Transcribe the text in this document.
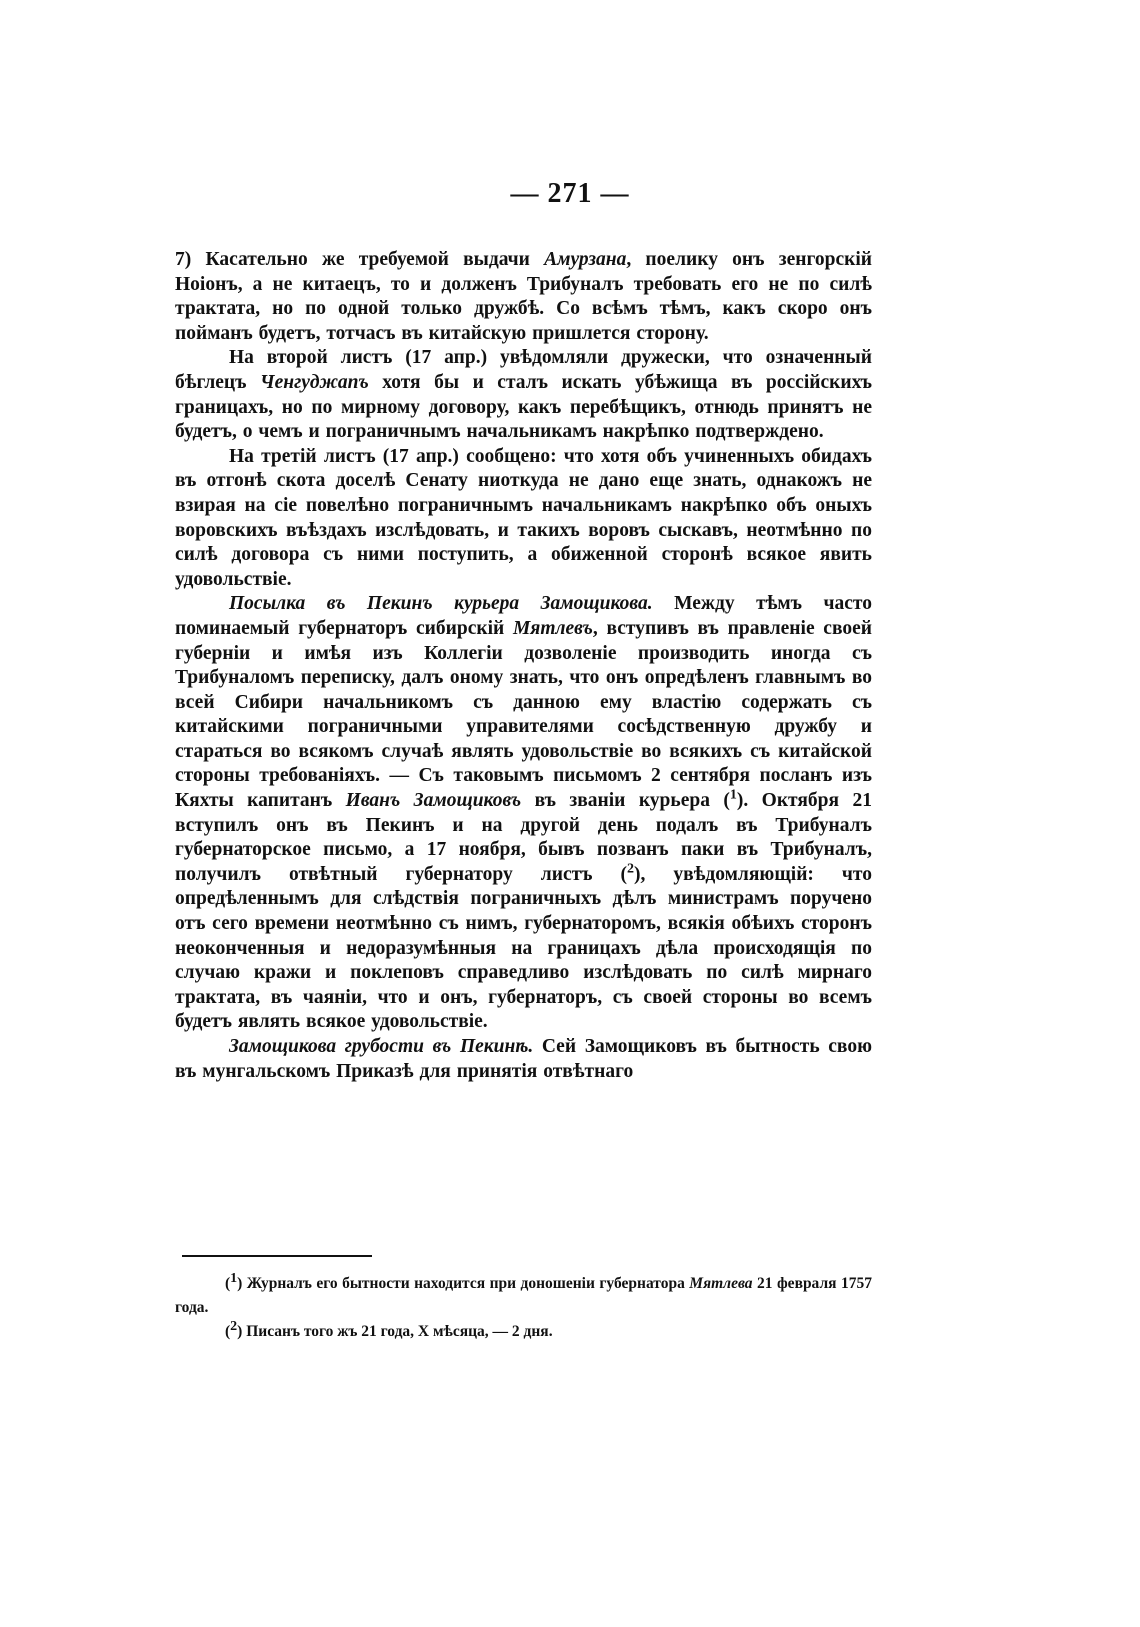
— 271 —

7) Касательно же требуемой выдачи Амурзана, поелику онъ зенгорскій Ноіонъ, а не китаецъ, то и долженъ Трибуналъ требовать его не по силѣ трактата, но по одной только дружбѣ. Со всѣмъ тѣмъ, какъ скоро онъ пойманъ будетъ, тотчасъ въ китайскую пришлется сторону.

На второй листъ (17 апр.) увѣдомляли дружески, что означенный бѣглецъ Ченгуджапъ хотя бы и сталъ искать убѣжища въ россійскихъ границахъ, но по мирному договору, какъ перебѣщикъ, отнюдь принятъ не будетъ, о чемъ и пограничнымъ начальникамъ накрѣпко подтверждено.

На третій листъ (17 апр.) сообщено: что хотя объ учиненныхъ обидахъ въ отгонѣ скота доселѣ Сенату ниоткуда не дано еще знать, однакожъ не взирая на сіе повелѣно пограничнымъ начальникамъ накрѣпко объ оныхъ воровскихъ въѣздахъ изслѣдовать, и такихъ воровъ сыскавъ, неотмѣнно по силѣ договора съ ними поступить, а обиженной сторонѣ всякое явить удовольствіе.

Посылка въ Пекинъ курьера Замощикова. Между тѣмъ часто поминаемый губернаторъ сибирскій Мятлевъ, вступивъ въ правленіе своей губерніи и имѣя изъ Коллегіи дозволеніе производить иногда съ Трибуналомъ переписку, далъ оному знать, что онъ опредѣленъ главнымъ во всей Сибири начальникомъ съ данною ему властію содержать съ китайскими пограничными управителями сосѣдственную дружбу и стараться во всякомъ случаѣ являть удовольствіе во всякихъ съ китайской стороны требованіяхъ. — Съ таковымъ письмомъ 2 сентября посланъ изъ Кяхты капитанъ Иванъ Замощиковъ въ званіи курьера ($^1$). Октября 21 вступилъ онъ въ Пекинъ и на другой день подалъ въ Трибуналъ губернаторское письмо, а 17 ноября, бывъ позванъ паки въ Трибуналъ, получилъ отвѣтный губернатору листъ ($^2$), увѣдомляющій: что опредѣленнымъ для слѣдствія пограничныхъ дѣлъ министрамъ поручено отъ сего времени неотмѣнно съ нимъ, губернаторомъ, всякія обѣихъ сторонъ неоконченныя и недоразумѣнныя на границахъ дѣла происходящія по случаю кражи и поклеповъ справедливо изслѣдовать по силѣ мирнаго трактата, въ чаяніи, что и онъ, губернаторъ, съ своей стороны во всемъ будетъ являть всякое удовольствіе.

Замощикова грубости въ Пекинѣ. Сей Замощиковъ въ бытность свою въ мунгальскомъ Приказѣ для принятія отвѣтнаго

(1) Журналъ его бытности находится при доношеніи губернатора Мятлева 21 февраля 1757 года.

(2) Писанъ того жъ 21 года, X мѣсяца, — 2 дня.
